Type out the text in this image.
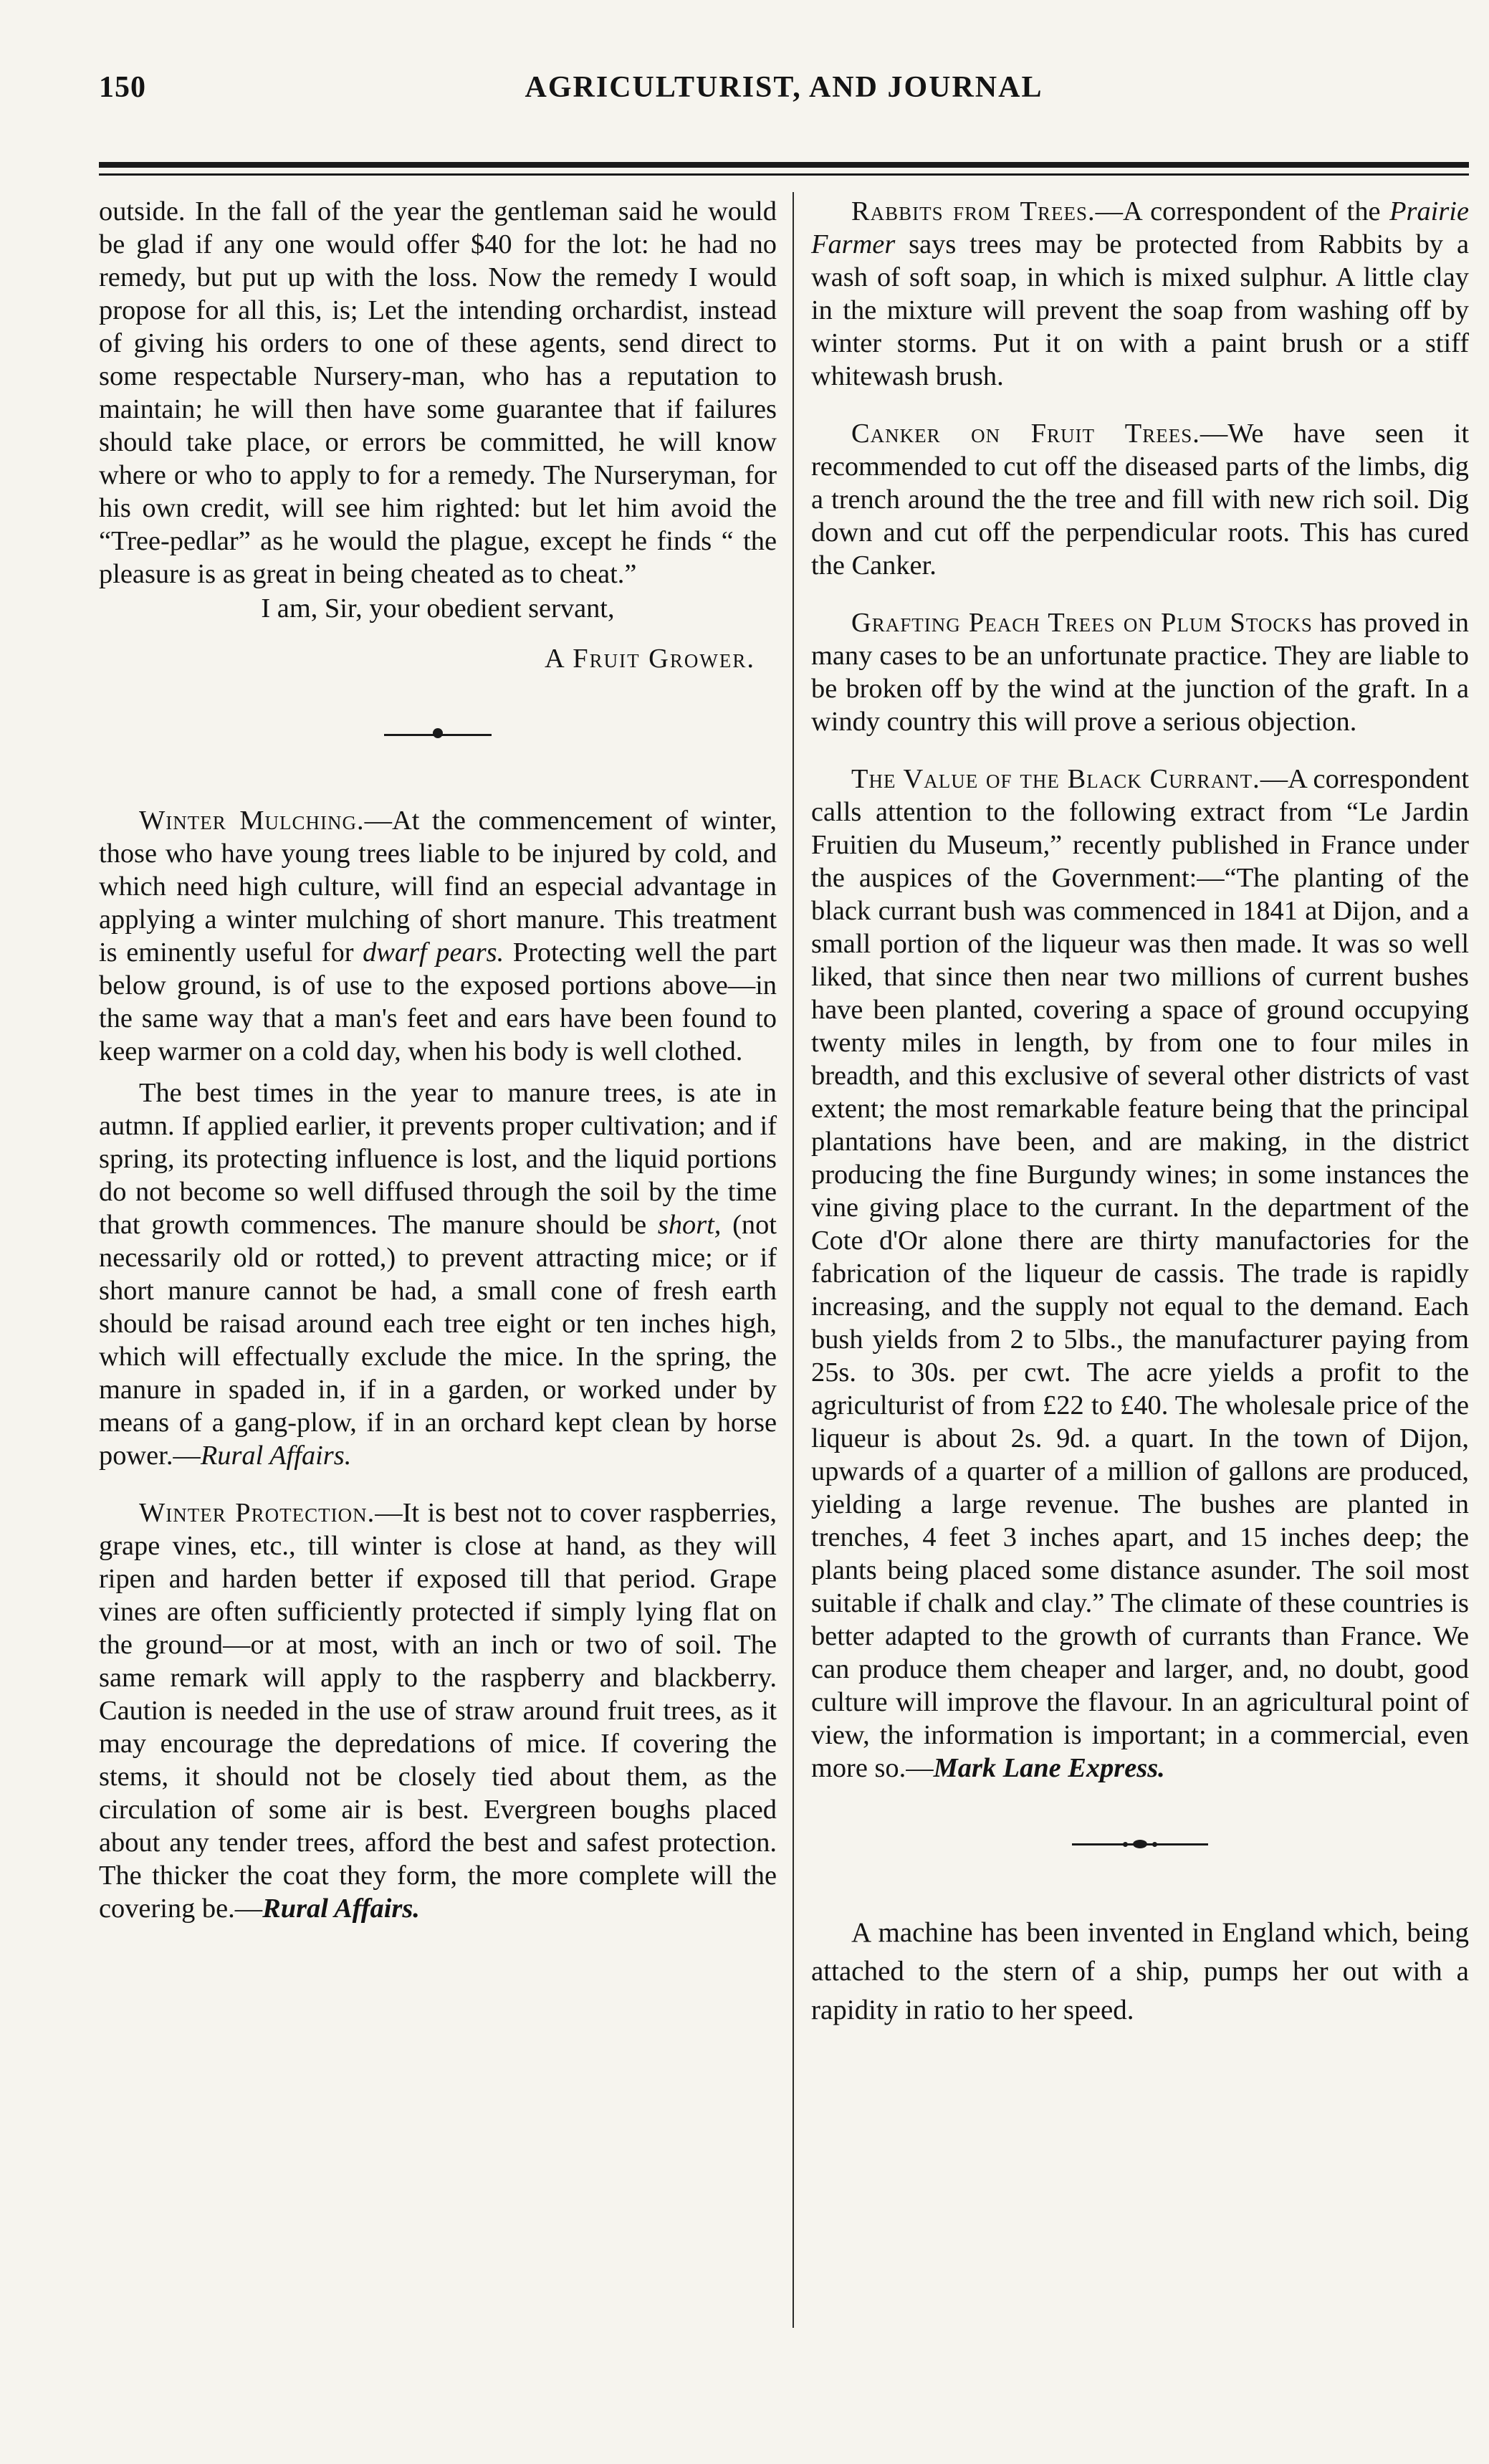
150	AGRICULTURIST, AND JOURNAL

outside. In the fall of the year the gentleman said he would be glad if any one would offer $40 for the lot: he had no remedy, but put up with the loss. Now the remedy I would propose for all this, is; Let the intending orchardist, instead of giving his orders to one of these agents, send direct to some respectable Nursery-man, who has a reputation to maintain; he will then have some guarantee that if failures should take place, or errors be committed, he will know where or who to apply to for a remedy. The Nurseryman, for his own credit, will see him righted: but let him avoid the “Tree-pedlar” as he would the plague, except he finds “ the pleasure is as great in being cheated as to cheat.”

I am, Sir, your obedient servant,

A Fruit Grower.

Winter Mulching.—At the commencement of winter, those who have young trees liable to be injured by cold, and which need high culture, will find an especial advantage in applying a winter mulching of short manure. This treatment is eminently useful for dwarf pears. Protecting well the part below ground, is of use to the exposed portions above—in the same way that a man's feet and ears have been found to keep warmer on a cold day, when his body is well clothed.

The best times in the year to manure trees, is ate in autmn. If applied earlier, it prevents proper cultivation; and if spring, its protecting influence is lost, and the liquid portions do not become so well diffused through the soil by the time that growth commences. The manure should be short, (not necessarily old or rotted,) to prevent attracting mice; or if short manure cannot be had, a small cone of fresh earth should be raisad around each tree eight or ten inches high, which will effectually exclude the mice. In the spring, the manure in spaded in, if in a garden, or worked under by means of a gang-plow, if in an orchard kept clean by horse power.—Rural Affairs.

Winter Protection.—It is best not to cover raspberries, grape vines, etc., till winter is close at hand, as they will ripen and harden better if exposed till that period. Grape vines are often sufficiently protected if simply lying flat on the ground—or at most, with an inch or two of soil. The same remark will apply to the raspberry and blackberry. Caution is needed in the use of straw around fruit trees, as it may encourage the depredations of mice. If covering the stems, it should not be closely tied about them, as the circulation of some air is best. Evergreen boughs placed about any tender trees, afford the best and safest protection. The thicker the coat they form, the more complete will the covering be.—Rural Affairs.

Rabbits from Trees.—A correspondent of the Prairie Farmer says trees may be protected from Rabbits by a wash of soft soap, in which is mixed sulphur. A little clay in the mixture will prevent the soap from washing off by winter storms. Put it on with a paint brush or a stiff whitewash brush.

Canker on Fruit Trees.—We have seen it recommended to cut off the diseased parts of the limbs, dig a trench around the the tree and fill with new rich soil. Dig down and cut off the perpendicular roots. This has cured the Canker.

Grafting Peach Trees on Plum Stocks has proved in many cases to be an unfortunate practice. They are liable to be broken off by the wind at the junction of the graft. In a windy country this will prove a serious objection.

The Value of the Black Currant.—A correspondent calls attention to the following extract from “Le Jardin Fruitien du Museum,” recently published in France under the auspices of the Government:—“The planting of the black currant bush was commenced in 1841 at Dijon, and a small portion of the liqueur was then made. It was so well liked, that since then near two millions of current bushes have been planted, covering a space of ground occupying twenty miles in length, by from one to four miles in breadth, and this exclusive of several other districts of vast extent; the most remarkable feature being that the principal plantations have been, and are making, in the district producing the fine Burgundy wines; in some instances the vine giving place to the currant. In the department of the Cote d'Or alone there are thirty manufactories for the fabrication of the liqueur de cassis. The trade is rapidly increasing, and the supply not equal to the demand. Each bush yields from 2 to 5lbs., the manufacturer paying from 25s. to 30s. per cwt. The acre yields a profit to the agriculturist of from £22 to £40. The wholesale price of the liqueur is about 2s. 9d. a quart. In the town of Dijon, upwards of a quarter of a million of gallons are produced, yielding a large revenue. The bushes are planted in trenches, 4 feet 3 inches apart, and 15 inches deep; the plants being placed some distance asunder. The soil most suitable if chalk and clay.” The climate of these countries is better adapted to the growth of currants than France. We can produce them cheaper and larger, and, no doubt, good culture will improve the flavour. In an agricultural point of view, the information is important; in a commercial, even more so.—Mark Lane Express.

A machine has been invented in England which, being attached to the stern of a ship, pumps her out with a rapidity in ratio to her speed.
